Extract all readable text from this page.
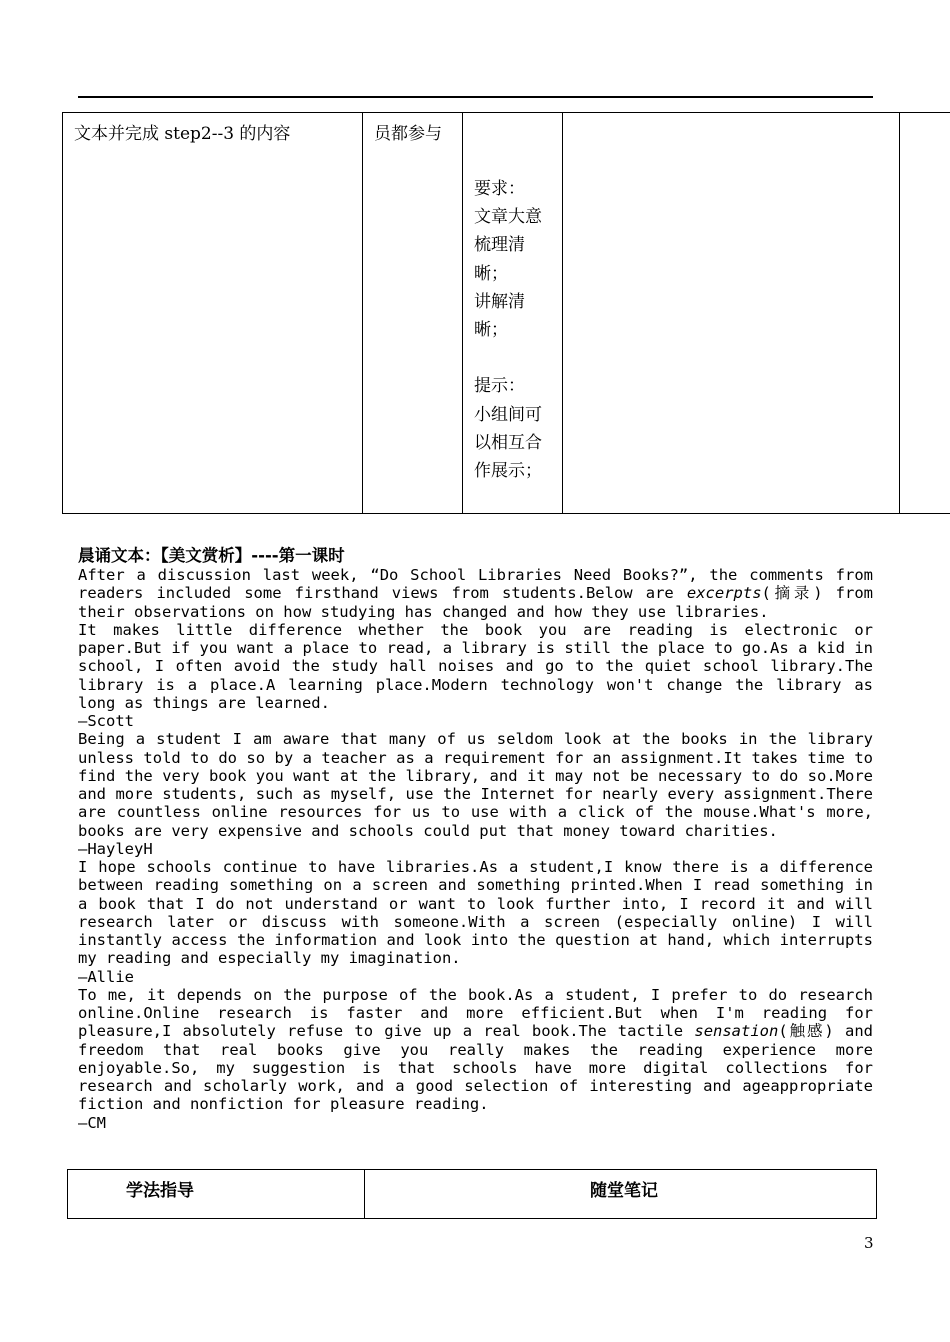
文本并完成 step2--3 的内容	员都参与
要求：
文章大意
梳理清
晰；
讲解清
晰；

提示：
小组间可
以相互合
作展示；
晨诵文本：【美文赏析】----第一课时
After a discussion last week, “Do School Libraries Need Books?”, the comments from readers included some firsthand views from students.Below are excerpts(摘录) from their observations on how studying has changed and how they use libraries.
It makes little difference whether the book you are reading is electronic or paper.But if you want a place to read, a library is still the place to go.As a kid in school, I often avoid the study hall noises and go to the quiet school library.The library is a place.A learning place.Modern technology won't change the library as long as things are learned.
—Scott
Being a student I am aware that many of us seldom look at the books in the library unless told to do so by a teacher as a requirement for an assignment.It takes time to find the very book you want at the library, and it may not be necessary to do so.More and more students, such as myself, use the Internet for nearly every assignment.There are countless online resources for us to use with a click of the mouse.What's more, books are very expensive and schools could put that money toward charities.
—HayleyH
I hope schools continue to have libraries.As a student,I know there is a difference between reading something on a screen and something printed.When I read something in a book that I do not understand or want to look further into, I record it and will research later or discuss with someone.With a screen (especially online) I will instantly access the information and look into the question at hand, which interrupts my reading and especially my imagination.
—Allie
To me, it depends on the purpose of the book.As a student, I prefer to do research online.Online research is faster and more efficient.But when I'm reading for pleasure,I absolutely refuse to give up a real book.The tactile sensation(触感) and freedom that real books give you really makes the reading experience more enjoyable.So, my suggestion is that schools have more digital collections for research and scholarly work, and a good selection of interesting and ageappropriate fiction and nonfiction for pleasure reading.
—CM
学法指导	随堂笔记
3
